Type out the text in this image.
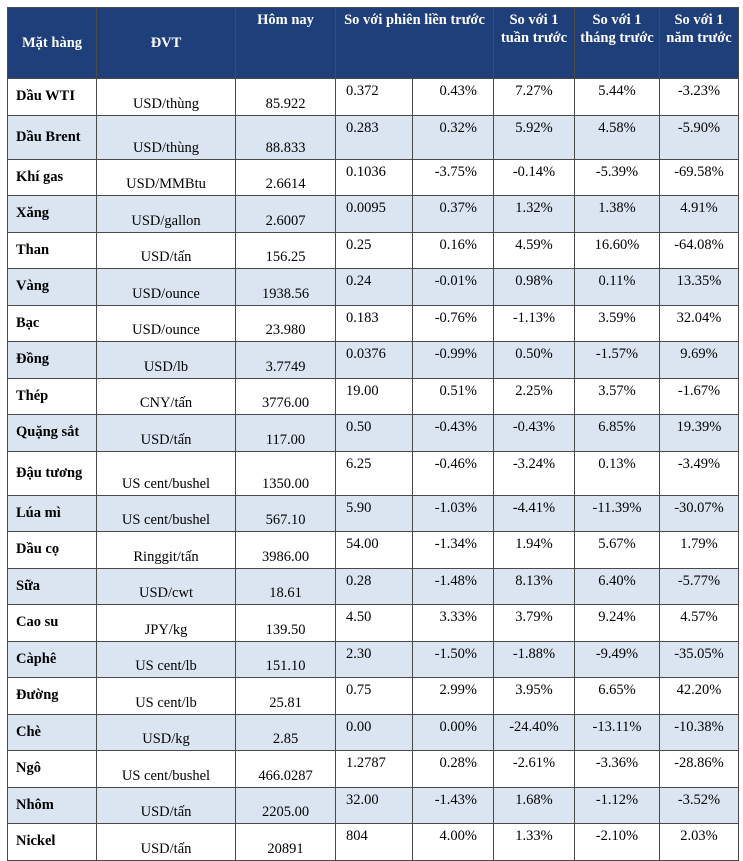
Mặt hàng	ĐVT	Hôm nay	So với phiên liền trước		So với 1 tuần trước	So với 1 tháng trước	So với 1 năm trước
Dầu WTI	USD/thùng	85.922	0.372	0.43%	7.27%	5.44%	-3.23%
Dầu Brent	USD/thùng	88.833	0.283	0.32%	5.92%	4.58%	-5.90%
Khí gas	USD/MMBtu	2.6614	0.1036	-3.75%	-0.14%	-5.39%	-69.58%
Xăng	USD/gallon	2.6007	0.0095	0.37%	1.32%	1.38%	4.91%
Than	USD/tấn	156.25	0.25	0.16%	4.59%	16.60%	-64.08%
Vàng	USD/ounce	1938.56	0.24	-0.01%	0.98%	0.11%	13.35%
Bạc	USD/ounce	23.980	0.183	-0.76%	-1.13%	3.59%	32.04%
Đồng	USD/lb	3.7749	0.0376	-0.99%	0.50%	-1.57%	9.69%
Thép	CNY/tấn	3776.00	19.00	0.51%	2.25%	3.57%	-1.67%
Quặng sắt	USD/tấn	117.00	0.50	-0.43%	-0.43%	6.85%	19.39%
Đậu tương	US cent/bushel	1350.00	6.25	-0.46%	-3.24%	0.13%	-3.49%
Lúa mì	US cent/bushel	567.10	5.90	-1.03%	-4.41%	-11.39%	-30.07%
Dầu cọ	Ringgit/tấn	3986.00	54.00	-1.34%	1.94%	5.67%	1.79%
Sữa	USD/cwt	18.61	0.28	-1.48%	8.13%	6.40%	-5.77%
Cao su	JPY/kg	139.50	4.50	3.33%	3.79%	9.24%	4.57%
Càphê	US cent/lb	151.10	2.30	-1.50%	-1.88%	-9.49%	-35.05%
Đường	US cent/lb	25.81	0.75	2.99%	3.95%	6.65%	42.20%
Chè	USD/kg	2.85	0.00	0.00%	-24.40%	-13.11%	-10.38%
Ngô	US cent/bushel	466.0287	1.2787	0.28%	-2.61%	-3.36%	-28.86%
Nhôm	USD/tấn	2205.00	32.00	-1.43%	1.68%	-1.12%	-3.52%
Nickel	USD/tấn	20891	804	4.00%	1.33%	-2.10%	2.03%
